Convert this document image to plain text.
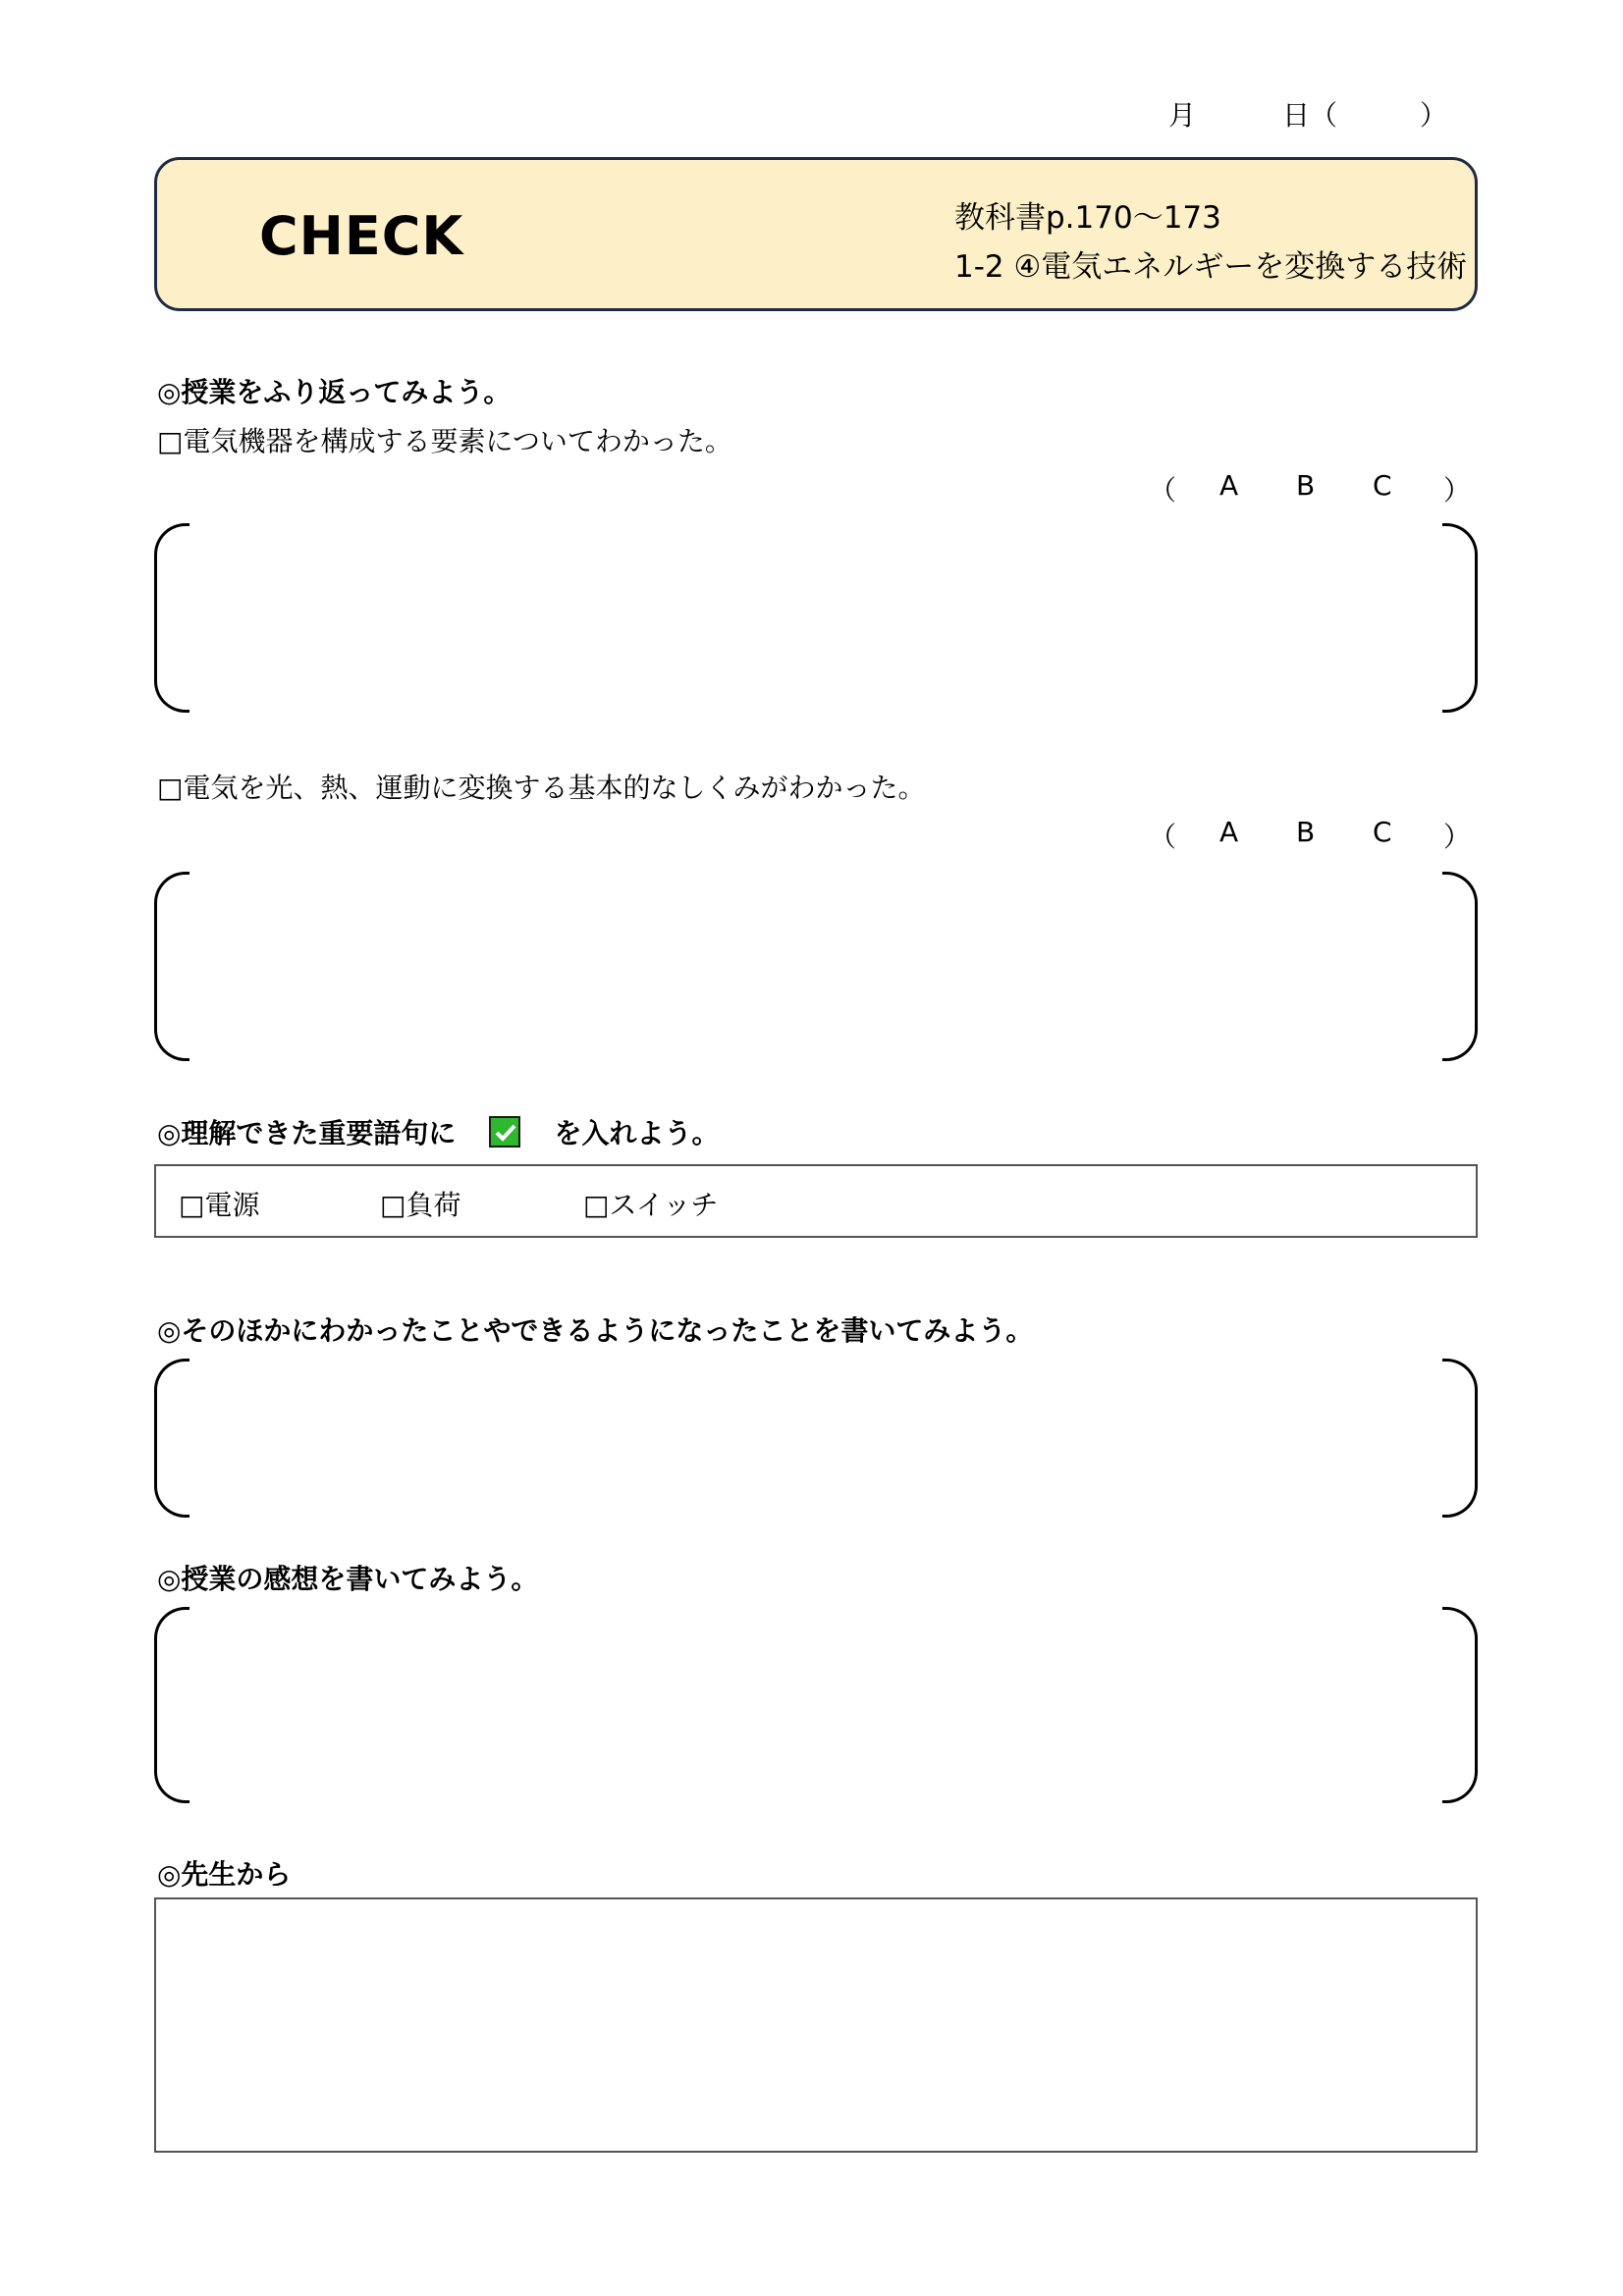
月	日（	）
CHECK	教科書p.170～173
1-2 ④電気エネルギーを変換する技術
◎授業をふり返ってみよう。
□電気機器を構成する要素についてわかった。
（ A B C ）
□電気を光、熱、運動に変換する基本的なしくみがわかった。
（ A B C ）
◎理解できた重要語句に	を入れよう。
□電源	□負荷	□スイッチ
◎そのほかにわかったことやできるようになったことを書いてみよう。
◎授業の感想を書いてみよう。
◎先生から
